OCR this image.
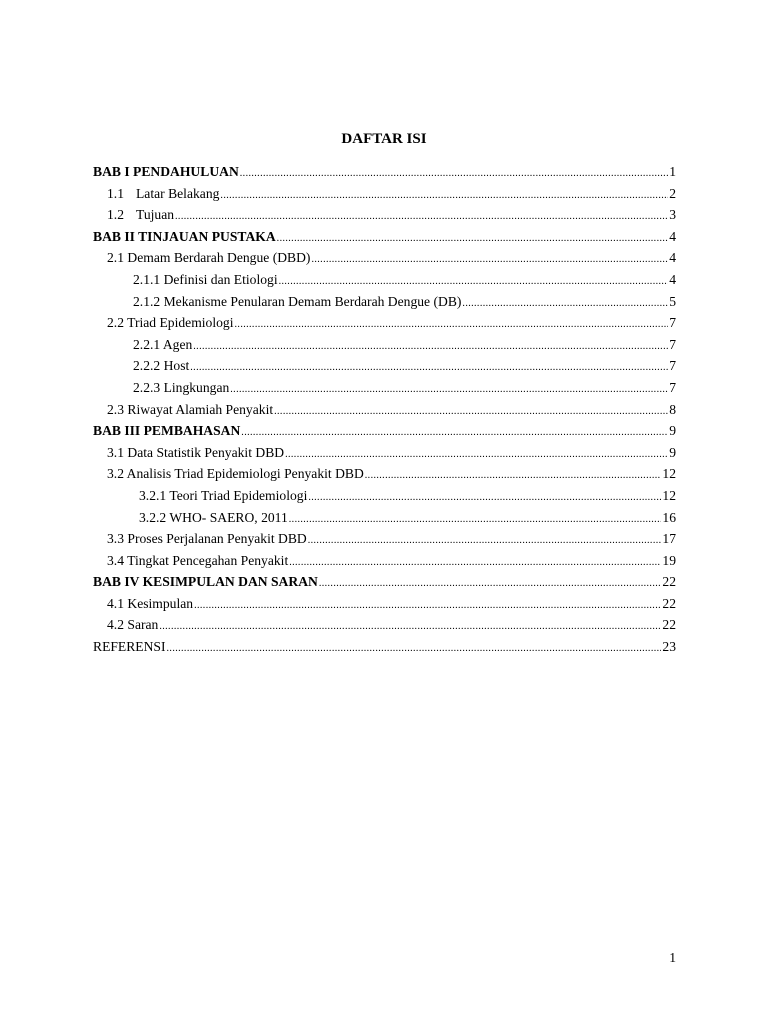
DAFTAR ISI
BAB I PENDAHULUAN .....	1
1.1 Latar Belakang .....	2
1.2 Tujuan .....	3
BAB II TINJAUAN PUSTAKA .....	4
2.1 Demam Berdarah Dengue (DBD) .....	4
2.1.1 Definisi dan Etiologi .....	4
2.1.2 Mekanisme Penularan Demam Berdarah Dengue (DB) .....	5
2.2 Triad Epidemiologi .....	7
2.2.1 Agen .....	7
2.2.2 Host .....	7
2.2.3 Lingkungan .....	7
2.3 Riwayat Alamiah Penyakit .....	8
BAB III PEMBAHASAN .....	9
3.1 Data Statistik Penyakit DBD .....	9
3.2 Analisis Triad Epidemiologi Penyakit DBD .....	12
3.2.1 Teori Triad Epidemiologi .....	12
3.2.2 WHO- SAERO, 2011 .....	16
3.3 Proses Perjalanan Penyakit DBD .....	17
3.4 Tingkat Pencegahan Penyakit .....	19
BAB IV KESIMPULAN DAN SARAN .....	22
4.1 Kesimpulan .....	22
4.2 Saran .....	22
REFERENSI .....	23
1
